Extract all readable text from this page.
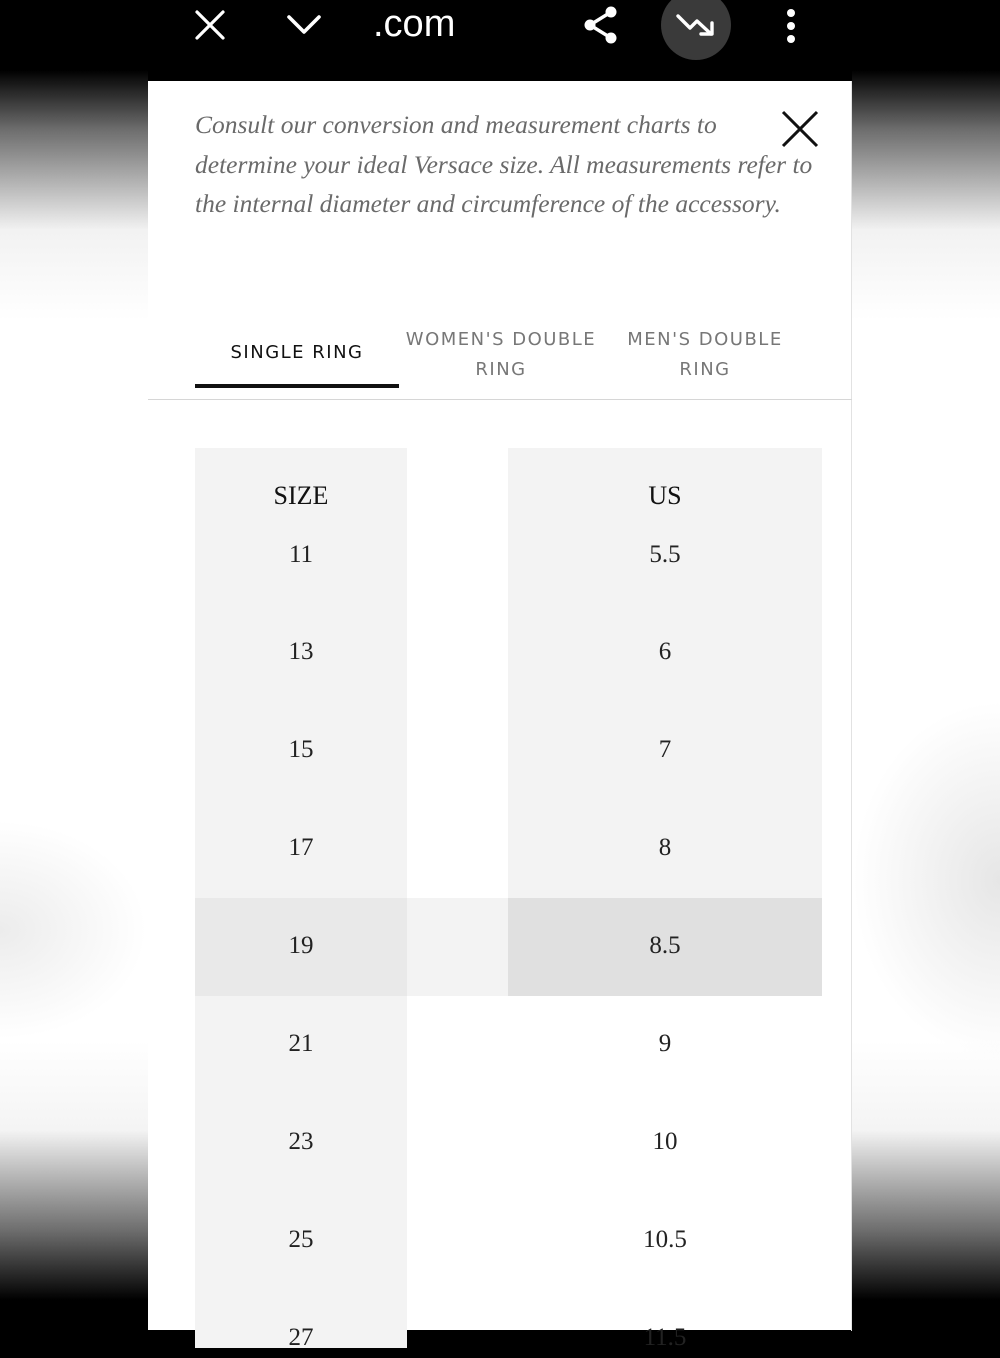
.com

Consult our conversion and measurement charts to determine your ideal Versace size. All measurements refer to the internal diameter and circumference of the accessory.

SINGLE RING
WOMEN'S DOUBLE RING
MEN'S DOUBLE RING
SIZE	US
11	5.5
13	6
15	7
17	8
19	8.5
21	9
23	10
25	10.5
27	11.5
